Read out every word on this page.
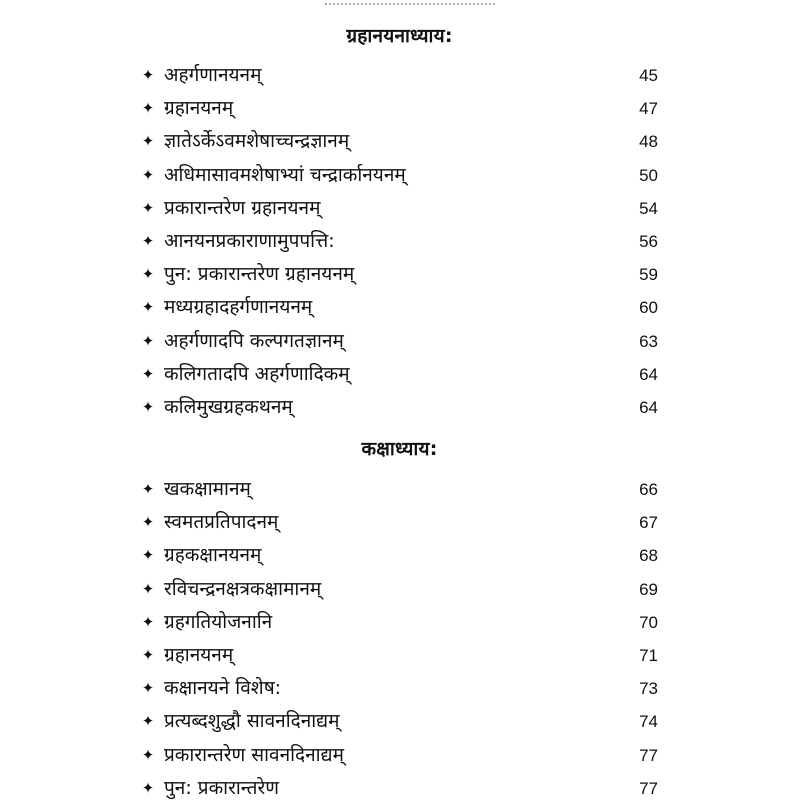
ग्रहानयनाध्याय:
✦ अहर्गणानयनम्	45
✦ ग्रहानयनम्	47
✦ ज्ञातेऽर्केऽवमशेषाच्चन्द्रज्ञानम्	48
✦ अधिमासावमशेषाभ्यां चन्द्रार्कानयनम्	50
✦ प्रकारान्तरेण ग्रहानयनम्	54
✦ आनयनप्रकाराणामुपपत्ति:	56
✦ पुन: प्रकारान्तरेण ग्रहानयनम्	59
✦ मध्यग्रहादहर्गणानयनम्	60
✦ अहर्गणादपि कल्पगतज्ञानम्	63
✦ कलिगतादपि अहर्गणादिकम्	64
✦ कलिमुखग्रहकथनम्	64
कक्षाध्याय:
✦ खकक्षामानम्	66
✦ स्वमतप्रतिपादनम्	67
✦ ग्रहकक्षानयनम्	68
✦ रविचन्द्रनक्षत्रकक्षामानम्	69
✦ ग्रहगतियोजनानि	70
✦ ग्रहानयनम्	71
✦ कक्षानयने विशेष:	73
✦ प्रत्यब्दशुद्धौ सावनदिनाद्यम्	74
✦ प्रकारान्तरेण सावनदिनाद्यम्	77
✦ पुन: प्रकारान्तरेण	77
